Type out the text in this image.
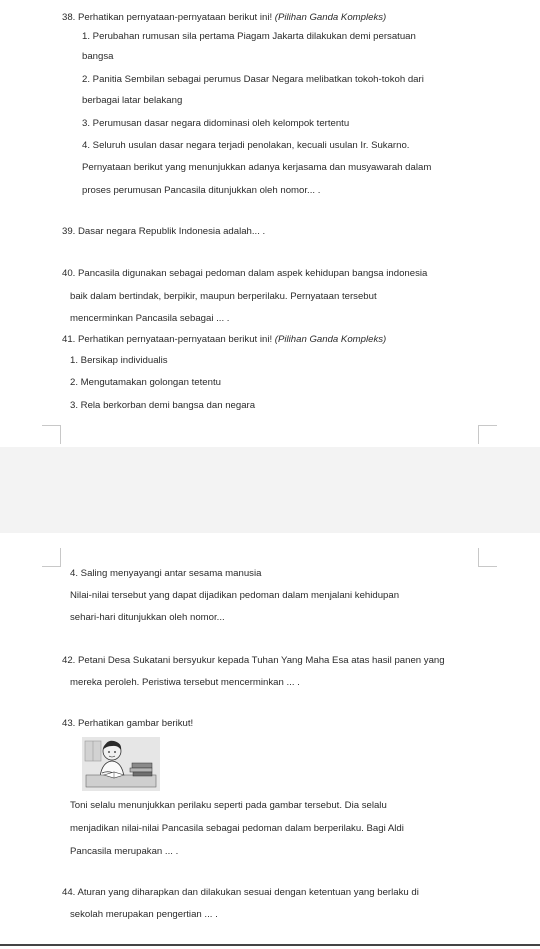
38. Perhatikan pernyataan-pernyataan berikut ini! (Pilihan Ganda Kompleks)
1. Perubahan rumusan sila pertama Piagam Jakarta dilakukan demi persatuan
bangsa
2. Panitia Sembilan sebagai perumus Dasar Negara melibatkan tokoh-tokoh dari
berbagai latar belakang
3. Perumusan dasar negara didominasi oleh kelompok tertentu
4. Seluruh usulan dasar negara terjadi penolakan, kecuali usulan Ir. Sukarno.
Pernyataan berikut yang menunjukkan adanya kerjasama dan musyawarah dalam
proses perumusan Pancasila ditunjukkan oleh nomor... .
39. Dasar negara Republik Indonesia adalah... .
40. Pancasila digunakan sebagai pedoman dalam aspek kehidupan bangsa indonesia
baik dalam bertindak, berpikir, maupun berperilaku. Pernyataan tersebut
mencerminkan Pancasila sebagai ... .
41. Perhatikan pernyataan-pernyataan berikut ini! (Pilihan Ganda Kompleks)
1. Bersikap individualis
2. Mengutamakan golongan tetentu
3. Rela berkorban demi bangsa dan negara
4. Saling menyayangi antar sesama manusia
Nilai-nilai tersebut yang dapat dijadikan pedoman dalam menjalani kehidupan
sehari-hari ditunjukkan oleh nomor...
42. Petani Desa Sukatani bersyukur kepada Tuhan Yang Maha Esa atas hasil panen yang
mereka peroleh. Peristiwa tersebut mencerminkan ... .
43. Perhatikan gambar berikut!
Toni selalu menunjukkan perilaku seperti pada gambar tersebut. Dia selalu
menjadikan nilai-nilai Pancasila sebagai pedoman dalam berperilaku. Bagi Aldi
Pancasila merupakan ... .
44. Aturan yang diharapkan dan dilakukan sesuai dengan ketentuan yang berlaku di
sekolah merupakan pengertian ... .
